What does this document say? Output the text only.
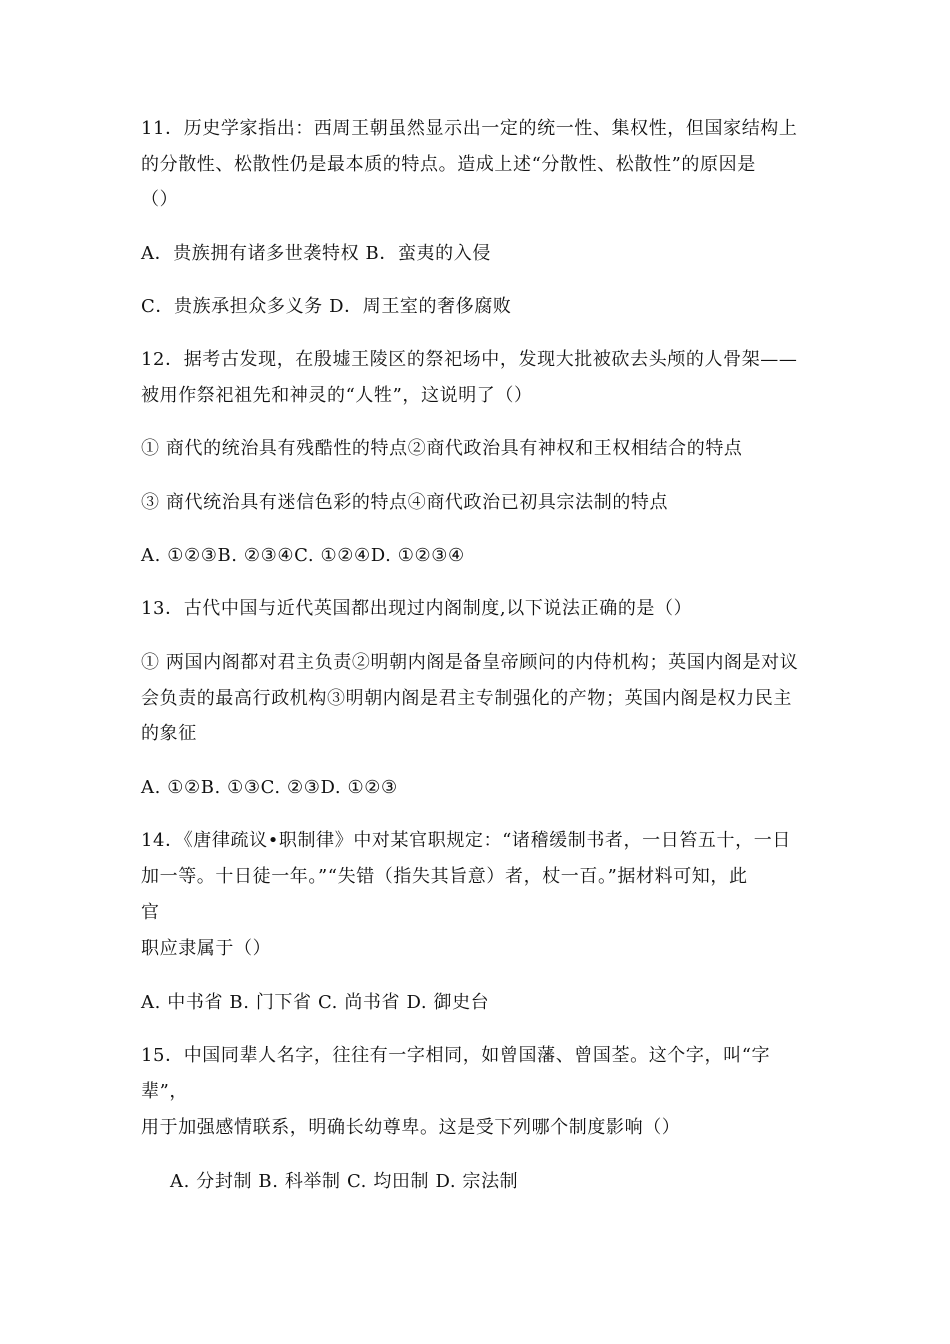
11．历史学家指出：西周王朝虽然显示出一定的统一性、集权性，但国家结构上
的分散性、松散性仍是最本质的特点。造成上述“分散性、松散性”的原因是
（）
A．贵族拥有诸多世袭特权 B．蛮夷的入侵
C．贵族承担众多义务 D．周王室的奢侈腐败
12．据考古发现，在殷墟王陵区的祭祀场中，发现大批被砍去头颅的人骨架——
被用作祭祀祖先和神灵的“人牲”，这说明了（）
① 商代的统治具有残酷性的特点②商代政治具有神权和王权相结合的特点
③ 商代统治具有迷信色彩的特点④商代政治已初具宗法制的特点
A. ①②③B. ②③④C. ①②④D. ①②③④
13．古代中国与近代英国都出现过内阁制度,以下说法正确的是（）
① 两国内阁都对君主负责②明朝内阁是备皇帝顾问的内侍机构；英国内阁是对议
会负责的最高行政机构③明朝内阁是君主专制强化的产物；英国内阁是权力民主
的象征
A. ①②B. ①③C. ②③D. ①②③
14．《唐律疏议•职制律》中对某官职规定：“诸稽缓制书者，一日笞五十，一日
加一等。十日徒一年。”“失错（指失其旨意）者，杖一百。”据材料可知，此
官
职应隶属于（）
A. 中书省 B. 门下省 C. 尚书省 D. 御史台
15．中国同辈人名字，往往有一字相同，如曾国藩、曾国荃。这个字，叫“字
辈”，
用于加强感情联系，明确长幼尊卑。这是受下列哪个制度影响（）
A. 分封制 B. 科举制 C. 均田制 D. 宗法制
